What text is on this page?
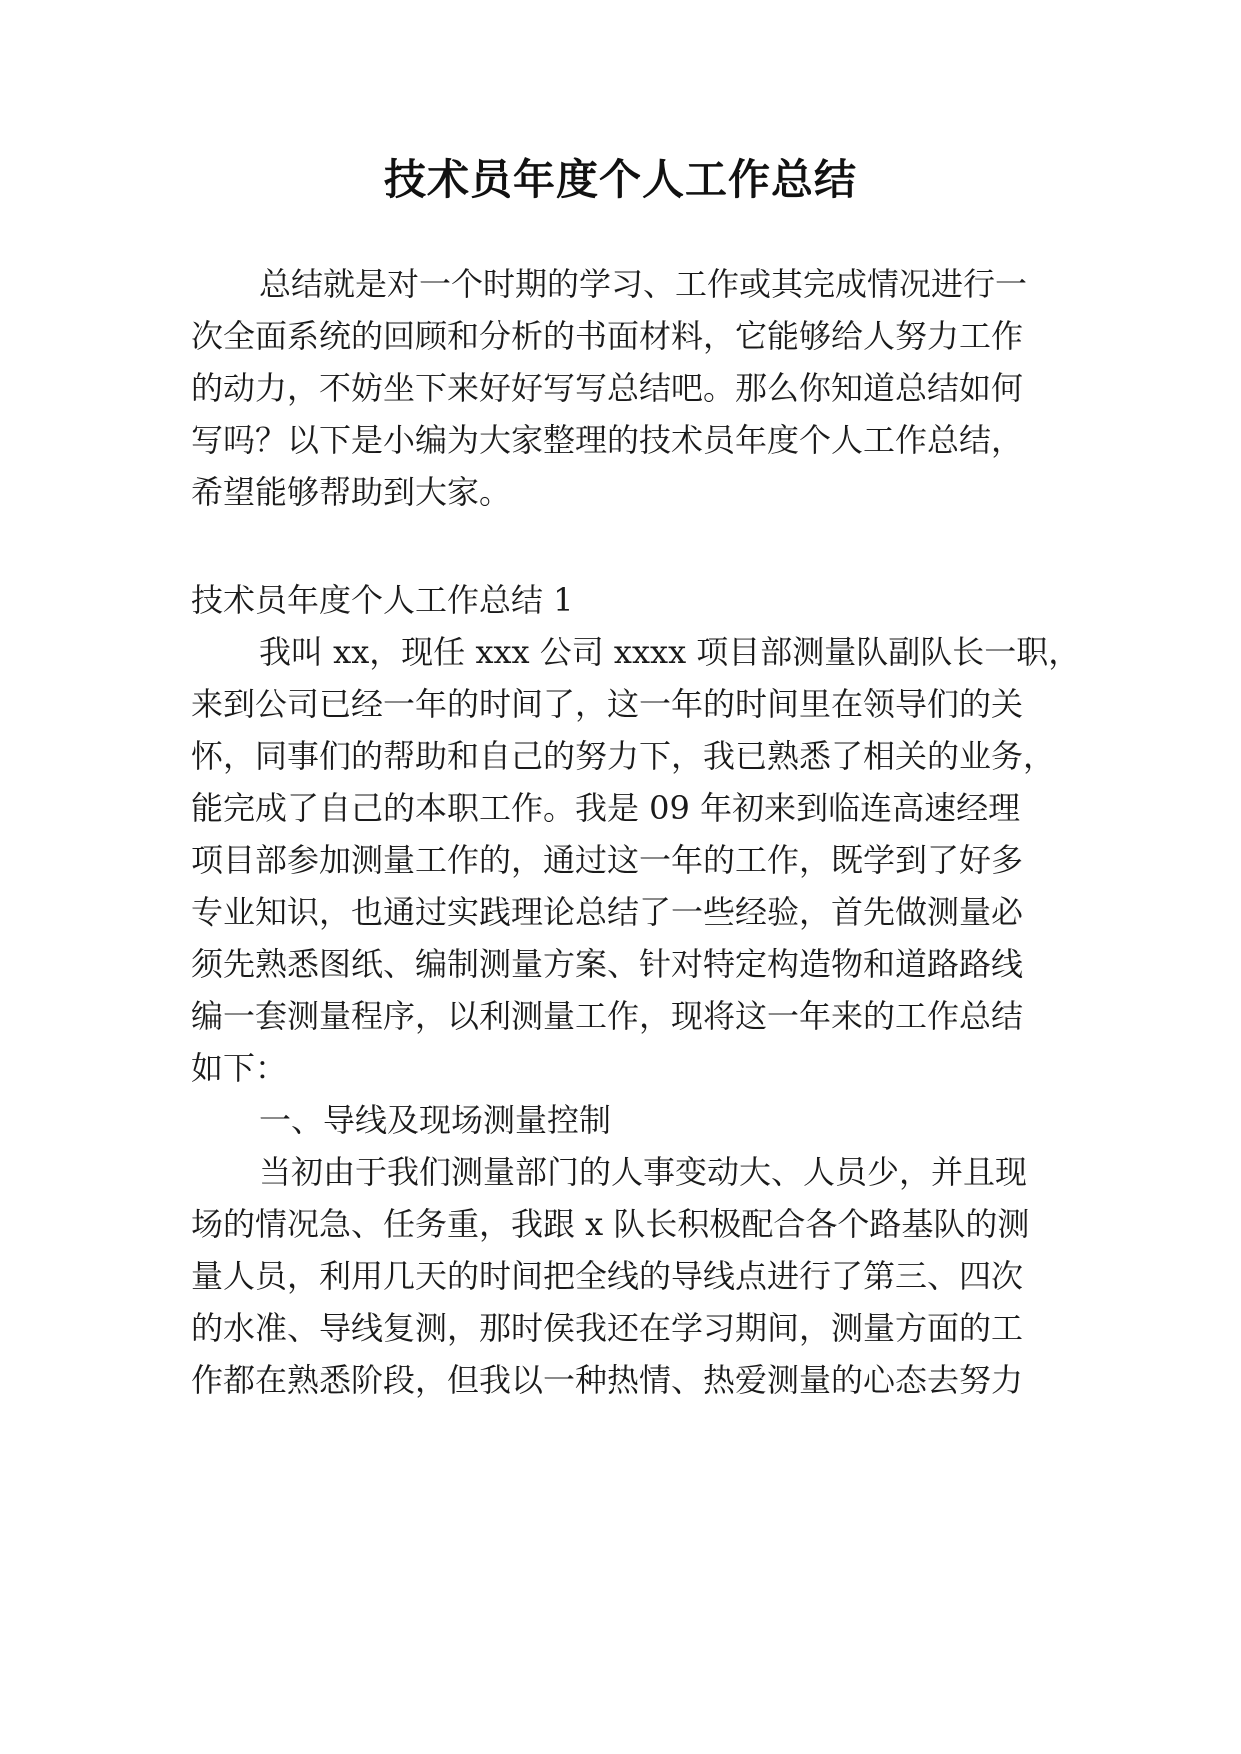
技术员年度个人工作总结
总结就是对一个时期的学习、工作或其完成情况进行一
次全面系统的回顾和分析的书面材料，它能够给人努力工作
的动力，不妨坐下来好好写写总结吧。那么你知道总结如何
写吗？以下是小编为大家整理的技术员年度个人工作总结，
希望能够帮助到大家。
技术员年度个人工作总结 1
我叫 xx，现任 xxx 公司 xxxx 项目部测量队副队长一职，
来到公司已经一年的时间了，这一年的时间里在领导们的关
怀，同事们的帮助和自己的努力下，我已熟悉了相关的业务，
能完成了自己的本职工作。我是 09 年初来到临连高速经理
项目部参加测量工作的，通过这一年的工作，既学到了好多
专业知识，也通过实践理论总结了一些经验，首先做测量必
须先熟悉图纸、编制测量方案、针对特定构造物和道路路线
编一套测量程序，以利测量工作，现将这一年来的工作总结
如下：
一、导线及现场测量控制
当初由于我们测量部门的人事变动大、人员少，并且现
场的情况急、任务重，我跟 x 队长积极配合各个路基队的测
量人员，利用几天的时间把全线的导线点进行了第三、四次
的水准、导线复测，那时侯我还在学习期间，测量方面的工
作都在熟悉阶段，但我以一种热情、热爱测量的心态去努力
